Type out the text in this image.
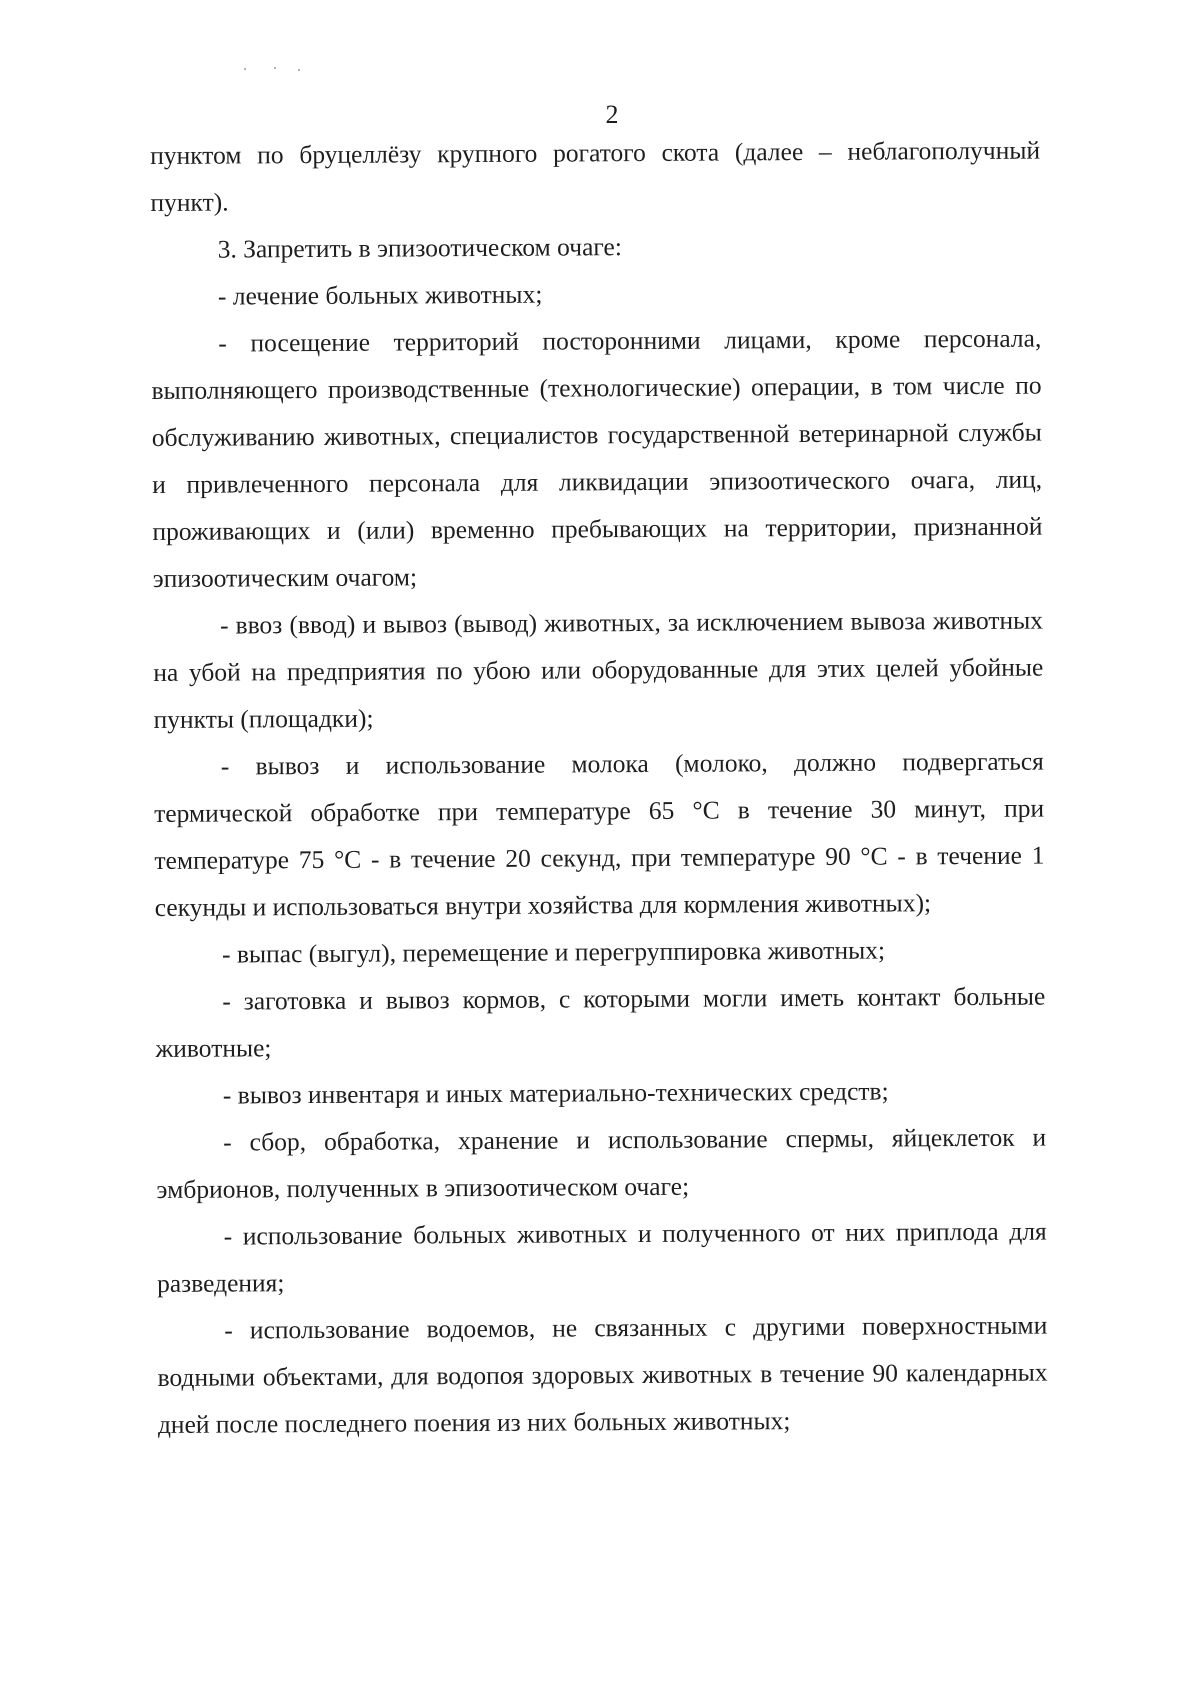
2

пунктом по бруцеллёзу крупного рогатого скота (далее – неблагополучный пункт).

3. Запретить в эпизоотическом очаге:

- лечение больных животных;

- посещение территорий посторонними лицами, кроме персонала, выполняющего производственные (технологические) операции, в том числе по обслуживанию животных, специалистов государственной ветеринарной службы и привлеченного персонала для ликвидации эпизоотического очага, лиц, проживающих и (или) временно пребывающих на территории, признанной эпизоотическим очагом;

- ввоз (ввод) и вывоз (вывод) животных, за исключением вывоза животных на убой на предприятия по убою или оборудованные для этих целей убойные пункты (площадки);

- вывоз и использование молока (молоко, должно подвергаться термической обработке при температуре 65 °С в течение 30 минут, при температуре 75 °С - в течение 20 секунд, при температуре 90 °С - в течение 1 секунды и использоваться внутри хозяйства для кормления животных);

- выпас (выгул), перемещение и перегруппировка животных;

- заготовка и вывоз кормов, с которыми могли иметь контакт больные животные;

- вывоз инвентаря и иных материально-технических средств;

- сбор, обработка, хранение и использование спермы, яйцеклеток и эмбрионов, полученных в эпизоотическом очаге;

- использование больных животных и полученного от них приплода для разведения;

- использование водоемов, не связанных с другими поверхностными водными объектами, для водопоя здоровых животных в течение 90 календарных дней после последнего поения из них больных животных;
